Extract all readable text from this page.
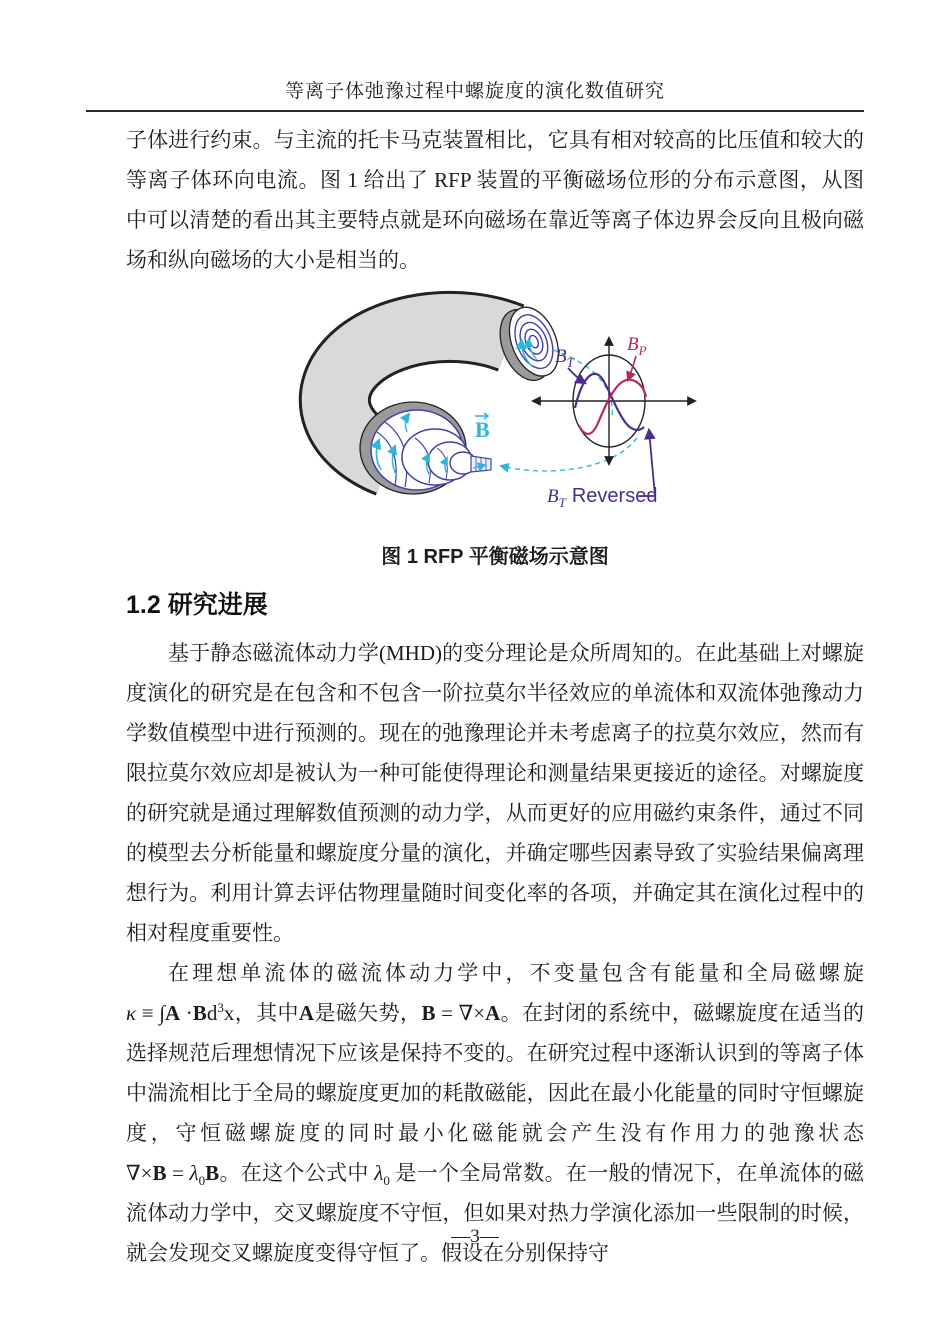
等离子体弛豫过程中螺旋度的演化数值研究

子体进行约束。与主流的托卡马克装置相比，它具有相对较高的比压值和较大的等离子体环向电流。图 1 给出了 RFP 装置的平衡磁场位形的分布示意图，从图中可以清楚的看出其主要特点就是环向磁场在靠近等离子体边界会反向且极向磁场和纵向磁场的大小是相当的。

B
$B_T$
$B_P$
$B_T$ Reversed
图 1 RFP 平衡磁场示意图
1.2 研究进展

基于静态磁流体动力学(MHD)的变分理论是众所周知的。在此基础上对螺旋度演化的研究是在包含和不包含一阶拉莫尔半径效应的单流体和双流体弛豫动力学数值模型中进行预测的。现在的弛豫理论并未考虑离子的拉莫尔效应，然而有限拉莫尔效应却是被认为一种可能使得理论和测量结果更接近的途径。对螺旋度的研究就是通过理解数值预测的动力学，从而更好的应用磁约束条件，通过不同的模型去分析能量和螺旋度分量的演化，并确定哪些因素导致了实验结果偏离理想行为。利用计算去评估物理量随时间变化率的各项，并确定其在演化过程中的相对程度重要性。

在理想单流体的磁流体动力学中，不变量包含有能量和全局磁螺旋 $\kappa \equiv \int A \cdot Bd^3x$，其中A是磁矢势，B = ∇×A。在封闭的系统中，磁螺旋度在适当的选择规范后理想情况下应该是保持不变的。在研究过程中逐渐认识到的等离子体中湍流相比于全局的螺旋度更加的耗散磁能，因此在最小化能量的同时守恒螺旋度，守恒磁螺旋度的同时最小化磁能就会产生没有作用力的弛豫状态 $\nabla\times B = \lambda_0B$。在这个公式中 $\lambda_0$ 是一个全局常数。在一般的情况下，在单流体的磁流体动力学中，交叉螺旋度不守恒，但如果对热力学演化添加一些限制的时候，就会发现交叉螺旋度变得守恒了。假设在分别保持守

—3—
